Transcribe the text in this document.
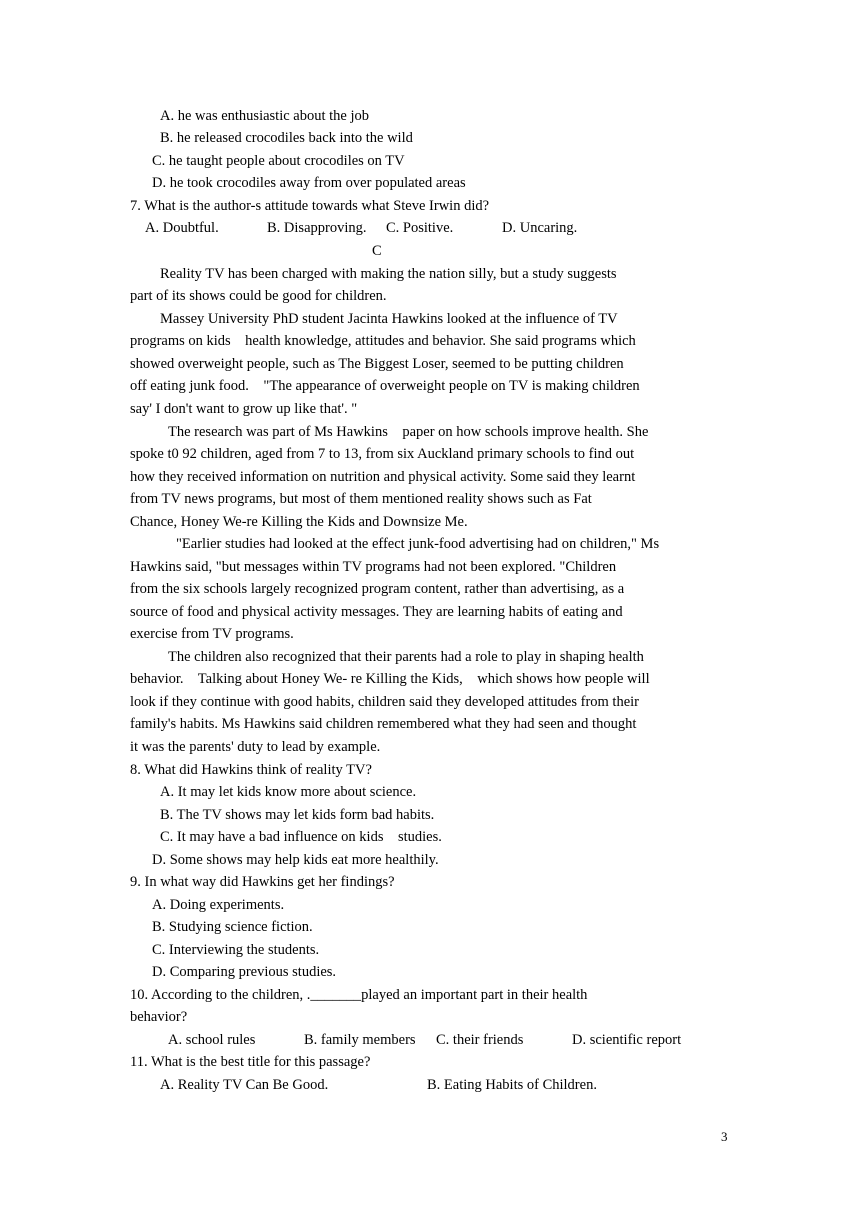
A. he was enthusiastic about the job
B. he released crocodiles back into the wild
C. he taught people about crocodiles on TV
D. he took crocodiles away from over populated areas
7. What is the author-s attitude towards what Steve Irwin did?
A. Doubtful.	B. Disapproving. C. Positive.	D. Uncaring.
C
Reality TV has been charged with making the nation silly, but a study suggests
part of its shows could be good for children.
Massey University PhD student Jacinta Hawkins looked at the influence of TV
programs on kids    health knowledge, attitudes and behavior. She said programs which
showed overweight people, such as The Biggest Loser, seemed to be putting children
off eating junk food.    "The appearance of overweight people on TV is making children
say' I don't want to grow up like that'. "
The research was part of Ms Hawkins    paper on how schools improve health. She
spoke t0 92 children, aged from 7 to 13, from six Auckland primary schools to find out
how they received information on nutrition and physical activity. Some said they learnt
from TV news programs, but most of them mentioned reality shows such as Fat
Chance, Honey We-re Killing the Kids and Downsize Me.
"Earlier studies had looked at the effect junk-food advertising had on children," Ms
Hawkins said, "but messages within TV programs had not been explored. "Children
from the six schools largely recognized program content, rather than advertising, as a
source of food and physical activity messages. They are learning habits of eating and
exercise from TV programs.
The children also recognized that their parents had a role to play in shaping health
behavior.    Talking about Honey We- re Killing the Kids,    which shows how people will
look if they continue with good habits, children said they developed attitudes from their
family's habits. Ms Hawkins said children remembered what they had seen and thought
it was the parents' duty to lead by example.
8. What did Hawkins think of reality TV?
A. It may let kids know more about science.
B. The TV shows may let kids form bad habits.
C. It may have a bad influence on kids    studies.
D. Some shows may help kids eat more healthily.
9. In what way did Hawkins get her findings?
A. Doing experiments.
B. Studying science fiction.
C. Interviewing the students.
D. Comparing previous studies.
10. According to the children, ._______played an important part in their health
behavior?
A. school rules	B. family members C. their friends	D. scientific report
11. What is the best title for this passage?
A. Reality TV Can Be Good.	B. Eating Habits of Children.
3
